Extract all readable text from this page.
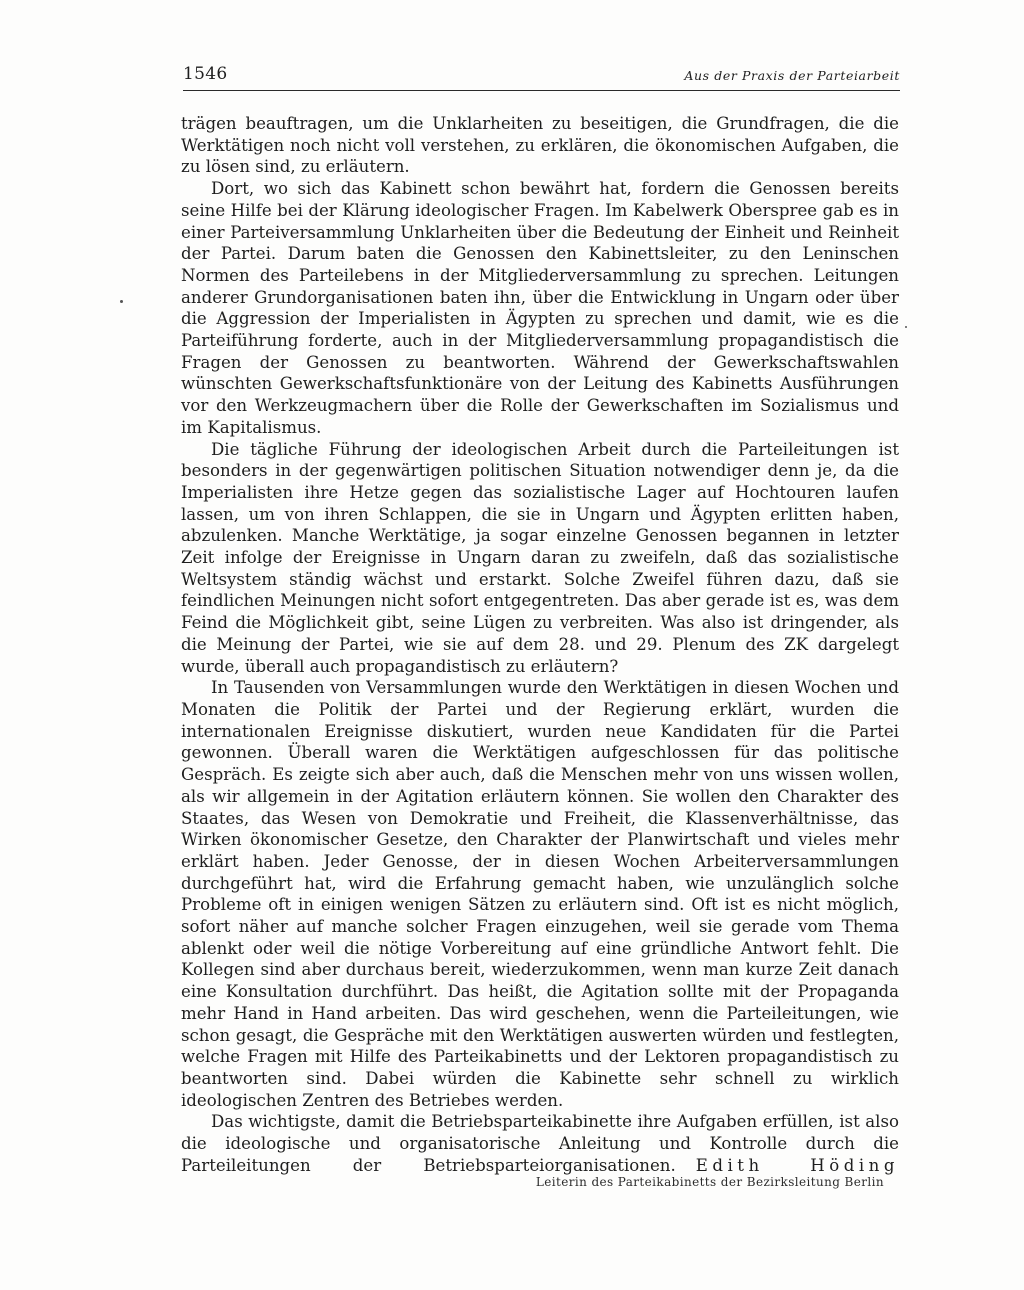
1546	Aus der Praxis der Parteiarbeit

trägen beauftragen, um die Unklarheiten zu beseitigen, die Grundfragen, die die Werktätigen noch nicht voll verstehen, zu erklären, die ökonomischen Aufgaben, die zu lösen sind, zu erläutern.

Dort, wo sich das Kabinett schon bewährt hat, fordern die Genossen bereits seine Hilfe bei der Klärung ideologischer Fragen. Im Kabelwerk Oberspree gab es in einer Parteiversammlung Unklarheiten über die Bedeutung der Einheit und Reinheit der Partei. Darum baten die Genossen den Kabinettsleiter, zu den Leninschen Normen des Parteilebens in der Mitgliederversammlung zu sprechen. Leitungen anderer Grundorganisationen baten ihn, über die Entwicklung in Ungarn oder über die Aggression der Imperialisten in Ägypten zu sprechen und damit, wie es die Parteiführung forderte, auch in der Mitgliederversammlung propagandistisch die Fragen der Genossen zu beantworten. Während der Gewerkschaftswahlen wünschten Gewerkschaftsfunktionäre von der Leitung des Kabinetts Ausführungen vor den Werkzeugmachern über die Rolle der Gewerkschaften im Sozialismus und im Kapitalismus.

Die tägliche Führung der ideologischen Arbeit durch die Parteileitungen ist besonders in der gegenwärtigen politischen Situation notwendiger denn je, da die Imperialisten ihre Hetze gegen das sozialistische Lager auf Hochtouren laufen lassen, um von ihren Schlappen, die sie in Ungarn und Ägypten erlitten haben, abzulenken. Manche Werktätige, ja sogar einzelne Genossen begannen in letzter Zeit infolge der Ereignisse in Ungarn daran zu zweifeln, daß das sozialistische Weltsystem ständig wächst und erstarkt. Solche Zweifel führen dazu, daß sie feindlichen Meinungen nicht sofort entgegentreten. Das aber gerade ist es, was dem Feind die Möglichkeit gibt, seine Lügen zu verbreiten. Was also ist dringender, als die Meinung der Partei, wie sie auf dem 28. und 29. Plenum des ZK dargelegt wurde, überall auch propagandistisch zu erläutern?

In Tausenden von Versammlungen wurde den Werktätigen in diesen Wochen und Monaten die Politik der Partei und der Regierung erklärt, wurden die internationalen Ereignisse diskutiert, wurden neue Kandidaten für die Partei gewonnen. Überall waren die Werktätigen aufgeschlossen für das politische Gespräch. Es zeigte sich aber auch, daß die Menschen mehr von uns wissen wollen, als wir allgemein in der Agitation erläutern können. Sie wollen den Charakter des Staates, das Wesen von Demokratie und Freiheit, die Klassenverhältnisse, das Wirken ökonomischer Gesetze, den Charakter der Planwirtschaft und vieles mehr erklärt haben. Jeder Genosse, der in diesen Wochen Arbeiterversammlungen durchgeführt hat, wird die Erfahrung gemacht haben, wie unzulänglich solche Probleme oft in einigen wenigen Sätzen zu erläutern sind. Oft ist es nicht möglich, sofort näher auf manche solcher Fragen einzugehen, weil sie gerade vom Thema ablenkt oder weil die nötige Vorbereitung auf eine gründliche Antwort fehlt. Die Kollegen sind aber durchaus bereit, wiederzukommen, wenn man kurze Zeit danach eine Konsultation durchführt. Das heißt, die Agitation sollte mit der Propaganda mehr Hand in Hand arbeiten. Das wird geschehen, wenn die Parteileitungen, wie schon gesagt, die Gespräche mit den Werktätigen auswerten würden und festlegten, welche Fragen mit Hilfe des Parteikabinetts und der Lektoren propagandistisch zu beantworten sind. Dabei würden die Kabinette sehr schnell zu wirklich ideologischen Zentren des Betriebes werden.

Das wichtigste, damit die Betriebsparteikabinette ihre Aufgaben erfüllen, ist also die ideologische und organisatorische Anleitung und Kontrolle durch die Parteileitungen der Betriebsparteiorganisationen. Edith Höding

Leiterin des Parteikabinetts der Bezirksleitung Berlin
